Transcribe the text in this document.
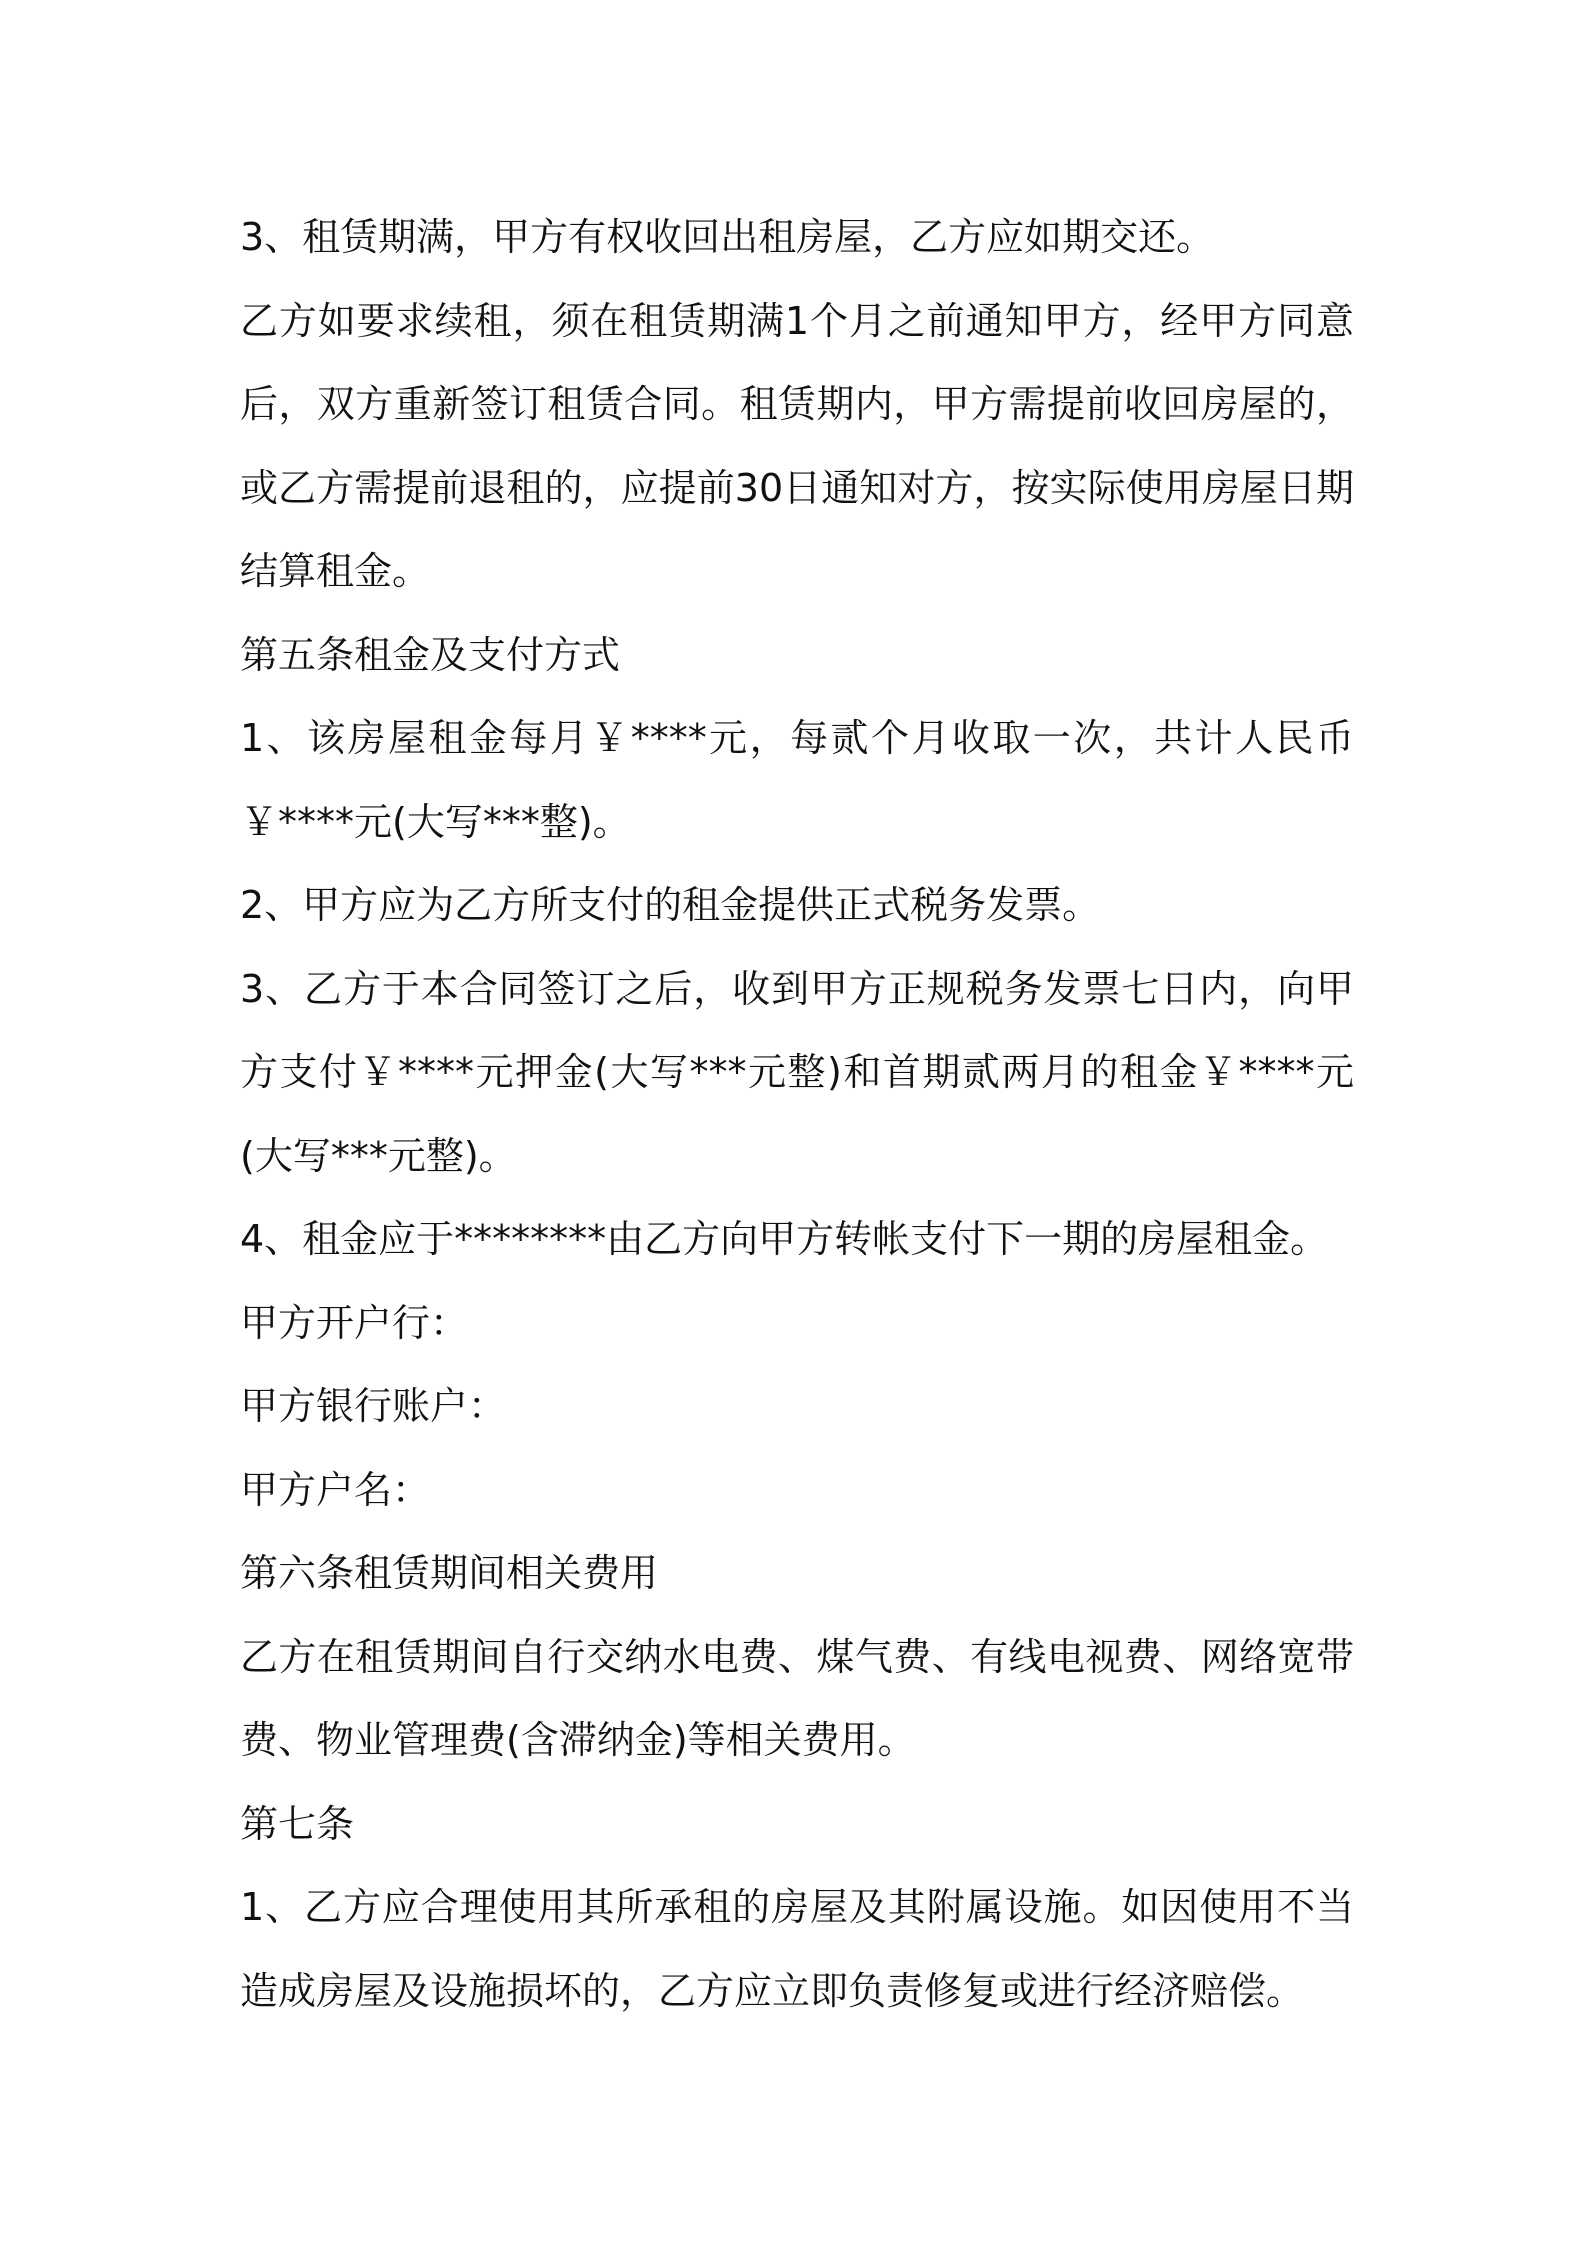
3、租赁期满，甲方有权收回出租房屋，乙方应如期交还。

乙方如要求续租，须在租赁期满1个月之前通知甲方，经甲方同意后，双方重新签订租赁合同。租赁期内，甲方需提前收回房屋的，或乙方需提前退租的，应提前30日通知对方，按实际使用房屋日期结算租金。

第五条租金及支付方式

1、该房屋租金每月￥****元，每贰个月收取一次，共计人民币￥****元(大写***整)。

2、甲方应为乙方所支付的租金提供正式税务发票。

3、乙方于本合同签订之后，收到甲方正规税务发票七日内，向甲方支付￥****元押金(大写***元整)和首期贰两月的租金￥****元(大写***元整)。

4、租金应于********由乙方向甲方转帐支付下一期的房屋租金。

甲方开户行：

甲方银行账户：

甲方户名：

第六条租赁期间相关费用

乙方在租赁期间自行交纳水电费、煤气费、有线电视费、网络宽带费、物业管理费(含滞纳金)等相关费用。

第七条

1、乙方应合理使用其所承租的房屋及其附属设施。如因使用不当造成房屋及设施损坏的，乙方应立即负责修复或进行经济赔偿。
